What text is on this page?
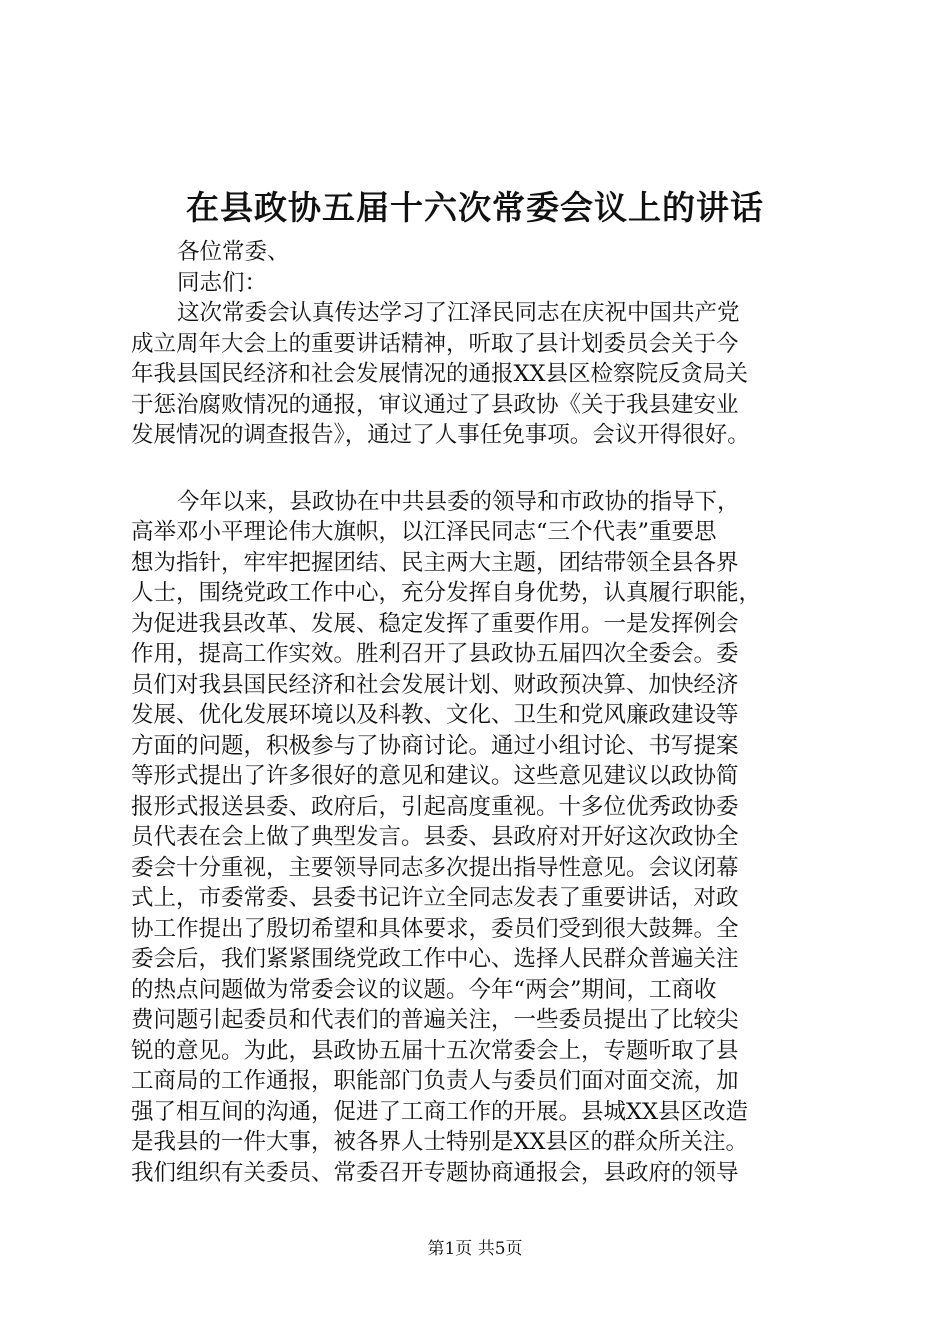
在县政协五届十六次常委会议上的讲话
各位常委、
同志们：
这次常委会认真传达学习了江泽民同志在庆祝中国共产党
成立周年大会上的重要讲话精神，听取了县计划委员会关于今
年我县国民经济和社会发展情况的通报XX县区检察院反贪局关
于惩治腐败情况的通报，审议通过了县政协《关于我县建安业
发展情况的调查报告》，通过了人事任免事项。会议开得很好。
今年以来，县政协在中共县委的领导和市政协的指导下，
高举邓小平理论伟大旗帜，以江泽民同志“三个代表”重要思
想为指针，牢牢把握团结、民主两大主题，团结带领全县各界
人士，围绕党政工作中心，充分发挥自身优势，认真履行职能，
为促进我县改革、发展、稳定发挥了重要作用。一是发挥例会
作用，提高工作实效。胜利召开了县政协五届四次全委会。委
员们对我县国民经济和社会发展计划、财政预决算、加快经济
发展、优化发展环境以及科教、文化、卫生和党风廉政建设等
方面的问题，积极参与了协商讨论。通过小组讨论、书写提案
等形式提出了许多很好的意见和建议。这些意见建议以政协简
报形式报送县委、政府后，引起高度重视。十多位优秀政协委
员代表在会上做了典型发言。县委、县政府对开好这次政协全
委会十分重视，主要领导同志多次提出指导性意见。会议闭幕
式上，市委常委、县委书记许立全同志发表了重要讲话，对政
协工作提出了殷切希望和具体要求，委员们受到很大鼓舞。全
委会后，我们紧紧围绕党政工作中心、选择人民群众普遍关注
的热点问题做为常委会议的议题。今年“两会”期间，工商收
费问题引起委员和代表们的普遍关注，一些委员提出了比较尖
锐的意见。为此，县政协五届十五次常委会上，专题听取了县
工商局的工作通报，职能部门负责人与委员们面对面交流，加
强了相互间的沟通，促进了工商工作的开展。县城XX县区改造
是我县的一件大事，被各界人士特别是XX县区的群众所关注。
我们组织有关委员、常委召开专题协商通报会，县政府的领导
第1页 共5页
